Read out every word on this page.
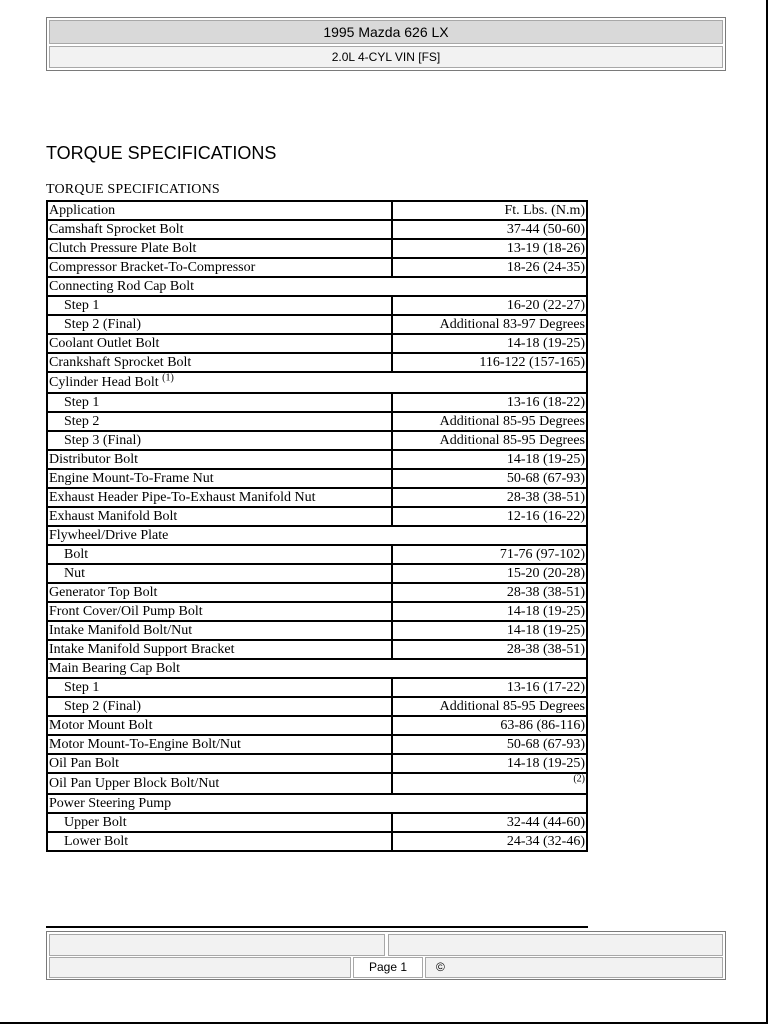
1995 Mazda 626 LX
2.0L 4-CYL VIN [FS]
TORQUE SPECIFICATIONS
TORQUE SPECIFICATIONS
Application	Ft. Lbs. (N.m)
Camshaft Sprocket Bolt	37-44 (50-60)
Clutch Pressure Plate Bolt	13-19 (18-26)
Compressor Bracket-To-Compressor	18-26 (24-35)
Connecting Rod Cap Bolt	
Step 1	16-20 (22-27)
Step 2 (Final)	Additional 83-97 Degrees
Coolant Outlet Bolt	14-18 (19-25)
Crankshaft Sprocket Bolt	116-122 (157-165)
Cylinder Head Bolt $^{(1)}$
Step 1	13-16 (18-22)
Step 2	Additional 85-95 Degrees
Step 3 (Final)	Additional 85-95 Degrees
Distributor Bolt	14-18 (19-25)
Engine Mount-To-Frame Nut	50-68 (67-93)
Exhaust Header Pipe-To-Exhaust Manifold Nut	28-38 (38-51)
Exhaust Manifold Bolt	12-16 (16-22)
Flywheel/Drive Plate	
Bolt	71-76 (97-102)
Nut	15-20 (20-28)
Generator Top Bolt	28-38 (38-51)
Front Cover/Oil Pump Bolt	14-18 (19-25)
Intake Manifold Bolt/Nut	14-18 (19-25)
Intake Manifold Support Bracket	28-38 (38-51)
Main Bearing Cap Bolt	
Step 1	13-16 (17-22)
Step 2 (Final)	Additional 85-95 Degrees
Motor Mount Bolt	63-86 (86-116)
Motor Mount-To-Engine Bolt/Nut	50-68 (67-93)
Oil Pan Bolt	14-18 (19-25)
Oil Pan Upper Block Bolt/Nut	$^{(2)}$
Power Steering Pump	
Upper Bolt	32-44 (44-60)
Lower Bolt	24-34 (32-46)
Page 1	©
